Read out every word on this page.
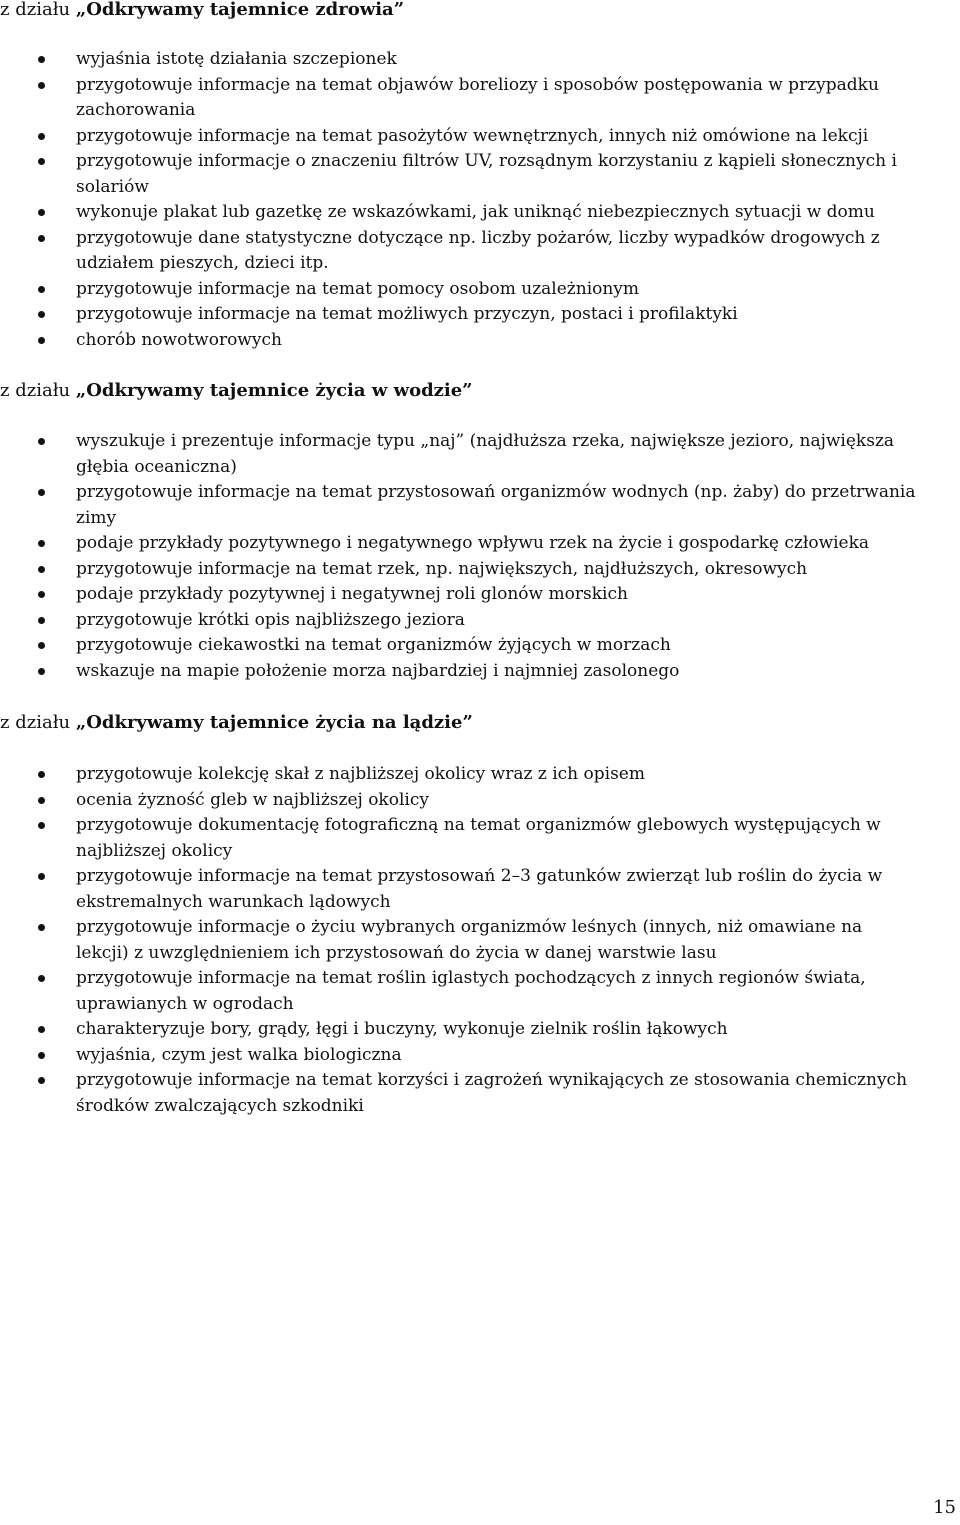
z działu „Odkrywamy tajemnice zdrowia”
wyjaśnia istotę działania szczepionek
przygotowuje informacje na temat objawów boreliozy i sposobów postępowania w przypadku zachorowania
przygotowuje informacje na temat pasożytów wewnętrznych, innych niż omówione na lekcji
przygotowuje informacje o znaczeniu filtrów UV, rozsądnym korzystaniu z kąpieli słonecznych i solariów
wykonuje plakat lub gazetkę ze wskazówkami, jak uniknąć niebezpiecznych sytuacji w domu
przygotowuje dane statystyczne dotyczące np. liczby pożarów, liczby wypadków drogowych z udziałem pieszych, dzieci itp.
przygotowuje informacje na temat pomocy osobom uzależnionym
przygotowuje informacje na temat możliwych przyczyn, postaci i profilaktyki
chorób nowotworowych
z działu „Odkrywamy tajemnice życia w wodzie”
wyszukuje i prezentuje informacje typu „naj” (najdłuższa rzeka, największe jezioro, największa głębia oceaniczna)
przygotowuje informacje na temat przystosowań organizmów wodnych (np. żaby) do przetrwania zimy
podaje przykłady pozytywnego i negatywnego wpływu rzek na życie i gospodarkę człowieka
przygotowuje informacje na temat rzek, np. największych, najdłuższych, okresowych
podaje przykłady pozytywnej i negatywnej roli glonów morskich
przygotowuje krótki opis najbliższego jeziora
przygotowuje ciekawostki na temat organizmów żyjących w morzach
wskazuje na mapie położenie morza najbardziej i najmniej zasolonego
z działu „Odkrywamy tajemnice życia na lądzie”
przygotowuje kolekcję skał z najbliższej okolicy wraz z ich opisem
ocenia żyzność gleb w najbliższej okolicy
przygotowuje dokumentację fotograficzną na temat organizmów glebowych występujących w najbliższej okolicy
przygotowuje informacje na temat przystosowań 2–3 gatunków zwierząt lub roślin do życia w ekstremalnych warunkach lądowych
przygotowuje informacje o życiu wybranych organizmów leśnych (innych, niż omawiane na lekcji) z uwzględnieniem ich przystosowań do życia w danej warstwie lasu
przygotowuje informacje na temat roślin iglastych pochodzących z innych regionów świata, uprawianych w ogrodach
charakteryzuje bory, grądy, łęgi i buczyny, wykonuje zielnik roślin łąkowych
wyjaśnia, czym jest walka biologiczna
przygotowuje informacje na temat korzyści i zagrożeń wynikających ze stosowania chemicznych środków zwalczających szkodniki
15
